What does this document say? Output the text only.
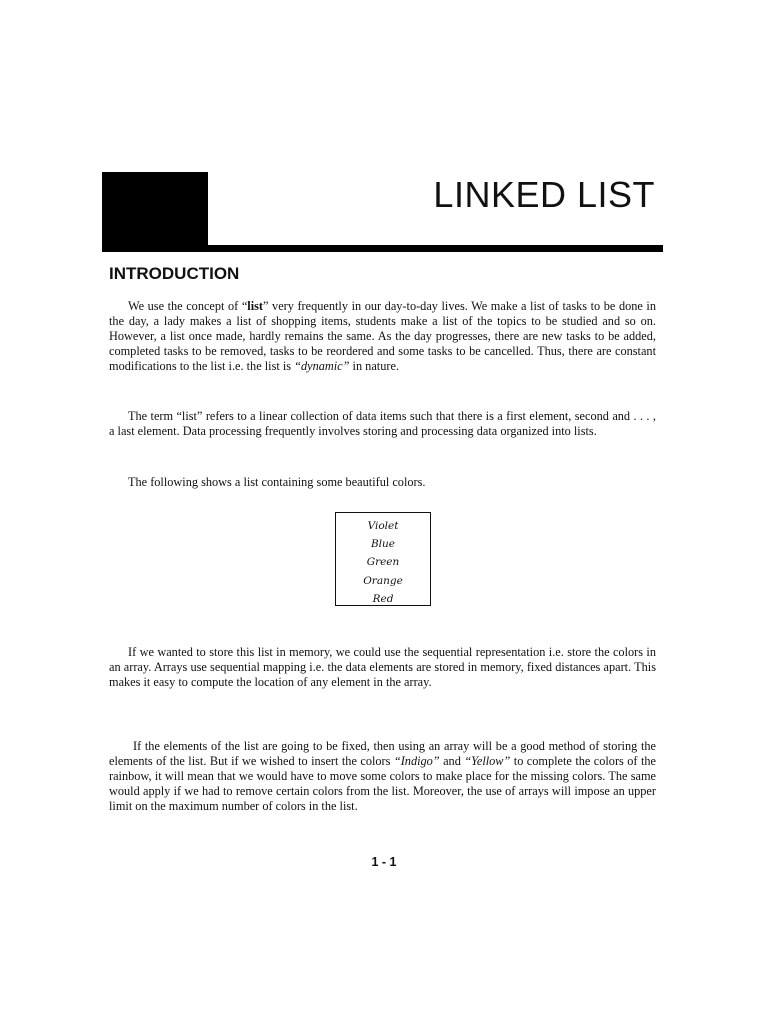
LINKED LIST
INTRODUCTION

We use the concept of “list” very frequently in our day-to-day lives. We make a list of tasks to be done in the day, a lady makes a list of shopping items, students make a list of the topics to be studied and so on. However, a list once made, hardly remains the same. As the day progresses, there are new tasks to be added, completed tasks to be removed, tasks to be reordered and some tasks to be cancelled. Thus, there are constant modifications to the list i.e. the list is “dynamic” in nature.

The term “list” refers to a linear collection of data items such that there is a first element, second and . . . , a last element. Data processing frequently involves storing and processing data organized into lists.

The following shows a list containing some beautiful colors.

Violet
Blue
Green
Orange
Red

If we wanted to store this list in memory, we could use the sequential representation i.e. store the colors in an array. Arrays use sequential mapping i.e. the data elements are stored in memory, fixed distances apart. This makes it easy to compute the location of any element in the array.

If the elements of the list are going to be fixed, then using an array will be a good method of storing the elements of the list. But if we wished to insert the colors “Indigo” and “Yellow” to complete the colors of the rainbow, it will mean that we would have to move some colors to make place for the missing colors. The same would apply if we had to remove certain colors from the list. Moreover, the use of arrays will impose an upper limit on the maximum number of colors in the list.

1 - 1
